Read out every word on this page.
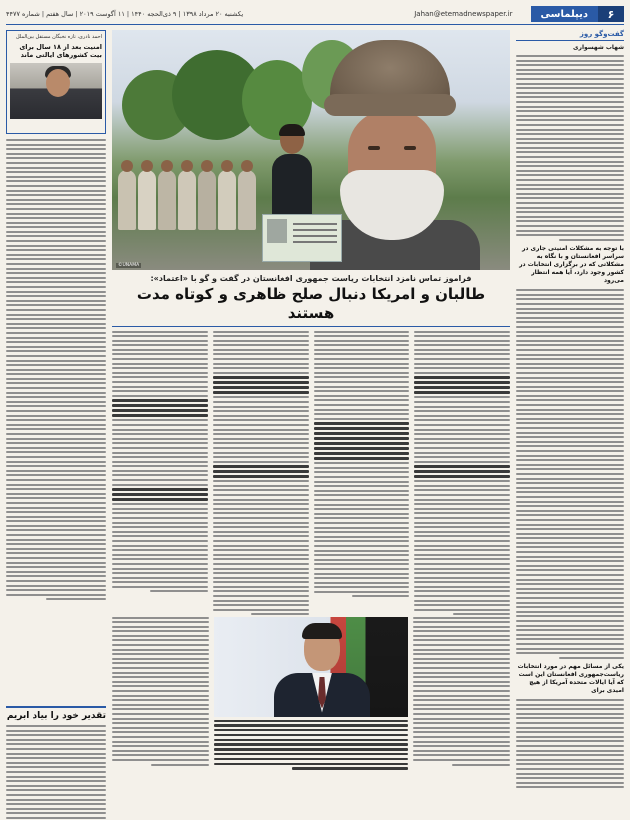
۶
دیپلماسی
Jahan@etemadnewspaper.ir
یکشنبه ۲۰ مرداد ۱۳۹۸ | ۹ ذی‌الحجه ۱۴۴۰ | ۱۱ آگوست ۲۰۱۹ | سال هفتم | شماره ۴۴۷۷
گفت‌وگو روز
شهاب شهسواری
با توجه به مشکلات امنیتی جاری در سراسر افغانستان و با نگاه به مشکلاتی که در برگزاری انتخابات در کشور وجود دارد، آیا همه انتظار می‌رود
یکی از مسائل مهم در مورد انتخابات ریاست‌جمهوری افغانستان این است که آیا ایالات متحده آمریکا از هیچ امیدی برای
احمد نادری، تازه نخبگان مستقل بین‌الملل
امنیت بعد از ۱۸ سال برای بیت کشورهای ایالتی ماند
تقدیر خود را بیاد ابریم
©UNAMA
فراموز تماس نامزد انتخابات ریاست جمهوری افغانستان در گفت و گو با «اعتماد»:
طالبان و امریکا دنبال صلح ظاهری و کوتاه مدت هستند
